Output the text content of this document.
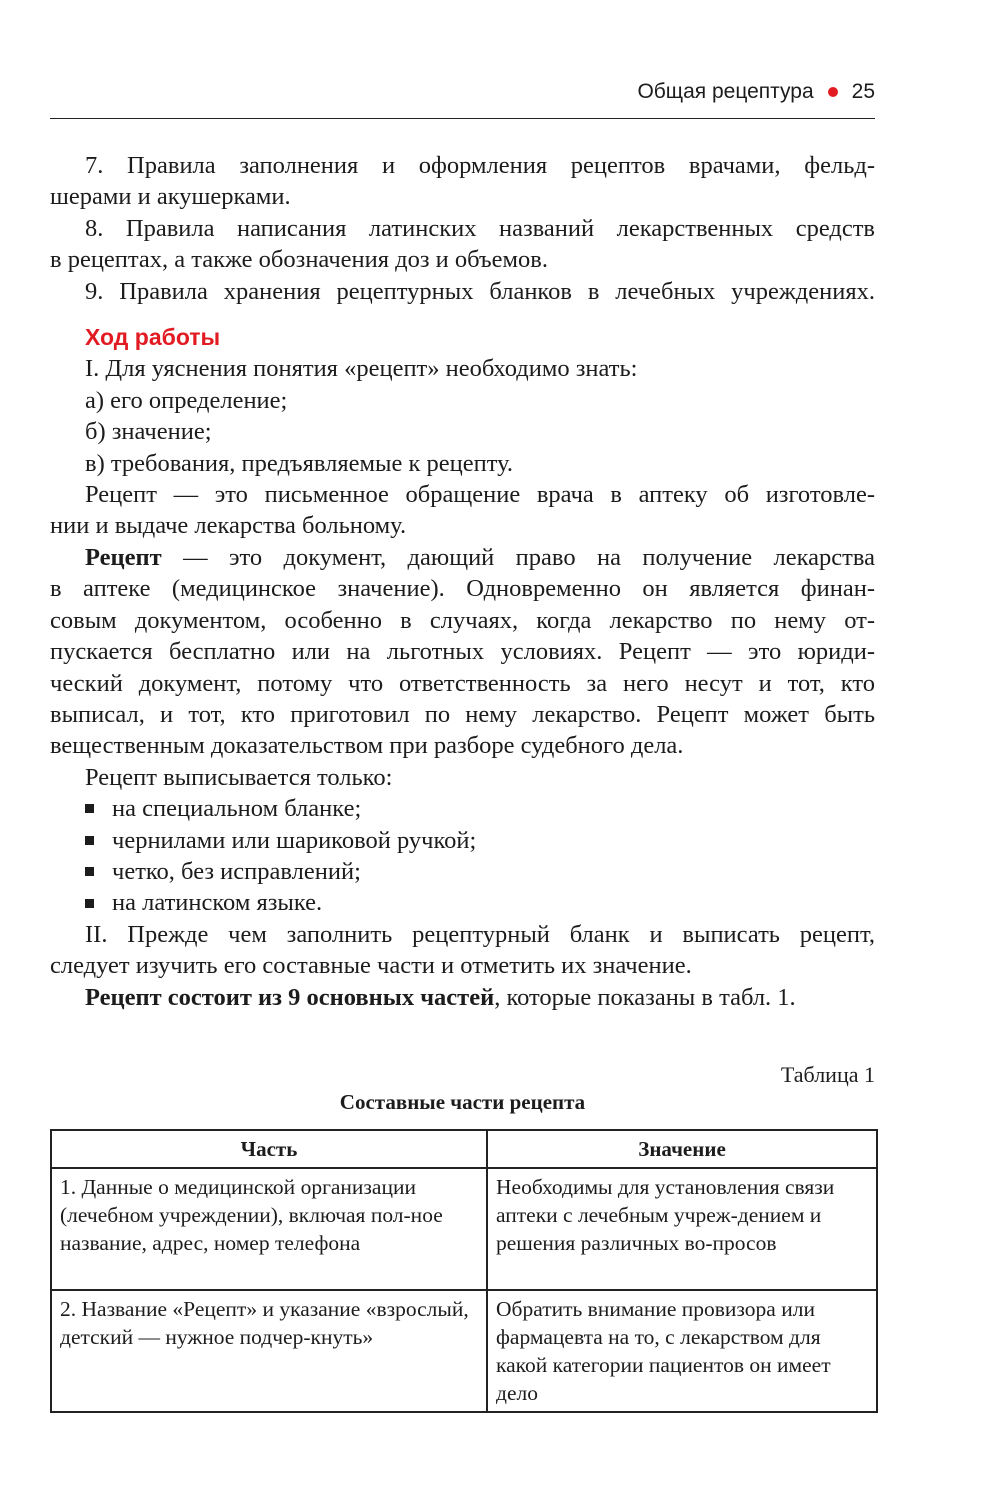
Общая рецептура 25
7. Правила заполнения и оформления рецептов врачами, фельд-
шерами и акушерками.
8. Правила написания латинских названий лекарственных средств
в рецептах, а также обозначения доз и объемов.
9. Правила хранения рецептурных бланков в лечебных учреждениях.
Ход работы
I. Для уяснения понятия «рецепт» необходимо знать:
а) его определение;
б) значение;
в) требования, предъявляемые к рецепту.
Рецепт — это письменное обращение врача в аптеку об изготовле-
нии и выдаче лекарства больному.
Рецепт — это документ, дающий право на получение лекарства
в аптеке (медицинское значение). Одновременно он является финан-
совым документом, особенно в случаях, когда лекарство по нему от-
пускается бесплатно или на льготных условиях. Рецепт — это юриди-
ческий документ, потому что ответственность за него несут и тот, кто
выписал, и тот, кто приготовил по нему лекарство. Рецепт может быть
вещественным доказательством при разборе судебного дела.
Рецепт выписывается только:
на специальном бланке;
чернилами или шариковой ручкой;
четко, без исправлений;
на латинском языке.
II. Прежде чем заполнить рецептурный бланк и выписать рецепт,
следует изучить его составные части и отметить их значение.
Рецепт состоит из 9 основных частей, которые показаны в табл. 1.
Таблица 1
Составные части рецепта
Часть	Значение
1. Данные о медицинской организации (лечебном учреждении), включая пол-ное название, адрес, номер телефона	Необходимы для установления связи аптеки с лечебным учреж-дением и решения различных во-просов
2. Название «Рецепт» и указание «взрослый, детский — нужное подчер-кнуть»	Обратить внимание провизора или фармацевта на то, с лекарством для какой категории пациентов он имеет дело
